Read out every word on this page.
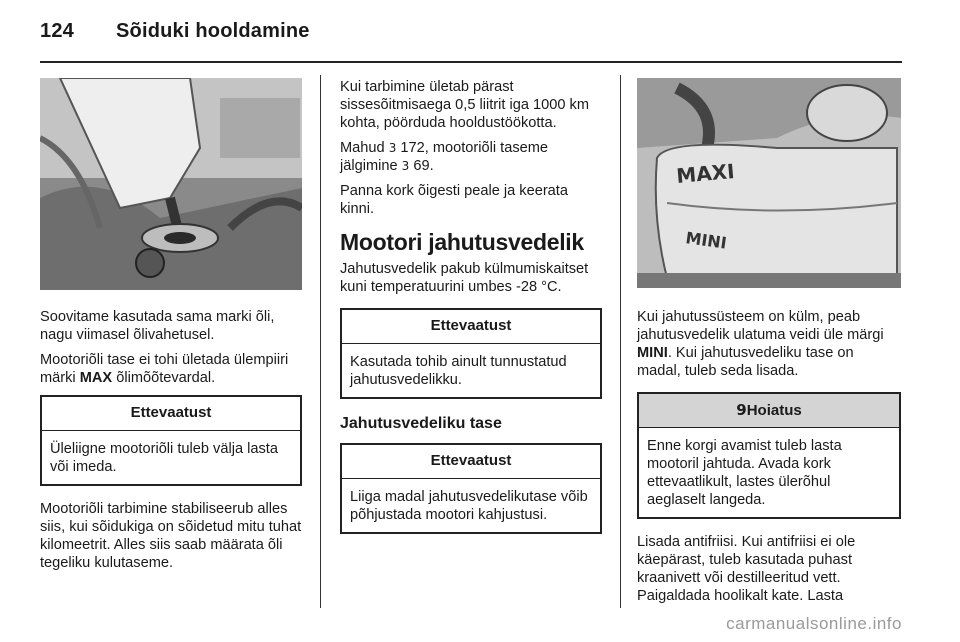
124 Sõiduki hooldamine

Soovitame kasutada sama marki õli, nagu viimasel õlivahetusel.

Mootoriõli tase ei tohi ületada ülempiiri märki MAX õlimõõtevardal.

Ettevaatust
Üleliigne mootoriõli tuleb välja lasta või imeda.

Mootoriõli tarbimine stabiliseerub alles siis, kui sõidukiga on sõidetud mitu tuhat kilomeetrit. Alles siis saab määrata õli tegeliku kulutaseme.

Kui tarbimine ületab pärast sissesõitmisaega 0,5 liitrit iga 1000 km kohta, pöörduda hooldustöökotta.

Mahud 3 172, mootoriõli taseme jälgimine 3 69.

Panna kork õigesti peale ja keerata kinni.

Mootori jahutusvedelik

Jahutusvedelik pakub külmumiskaitset kuni temperatuurini umbes -28 °C.

Ettevaatust
Kasutada tohib ainult tunnustatud jahutusvedelikku.
Jahutusvedeliku tase
Ettevaatust
Liiga madal jahutusvedelikutase võib põhjustada mootori kahjustusi.
MAXI
MINI

Kui jahutussüsteem on külm, peab jahutusvedelik ulatuma veidi üle märgi MINI. Kui jahutusvedeliku tase on madal, tuleb seda lisada.

9Hoiatus
Enne korgi avamist tuleb lasta mootoril jahtuda. Avada kork ettevaatlikult, lastes ülerõhul aeglaselt langeda.

Lisada antifriisi. Kui antifriisi ei ole käepärast, tuleb kasutada puhast kraanivett või destilleeritud vett. Paigaldada hoolikalt kate. Lasta

carmanualsonline.info
